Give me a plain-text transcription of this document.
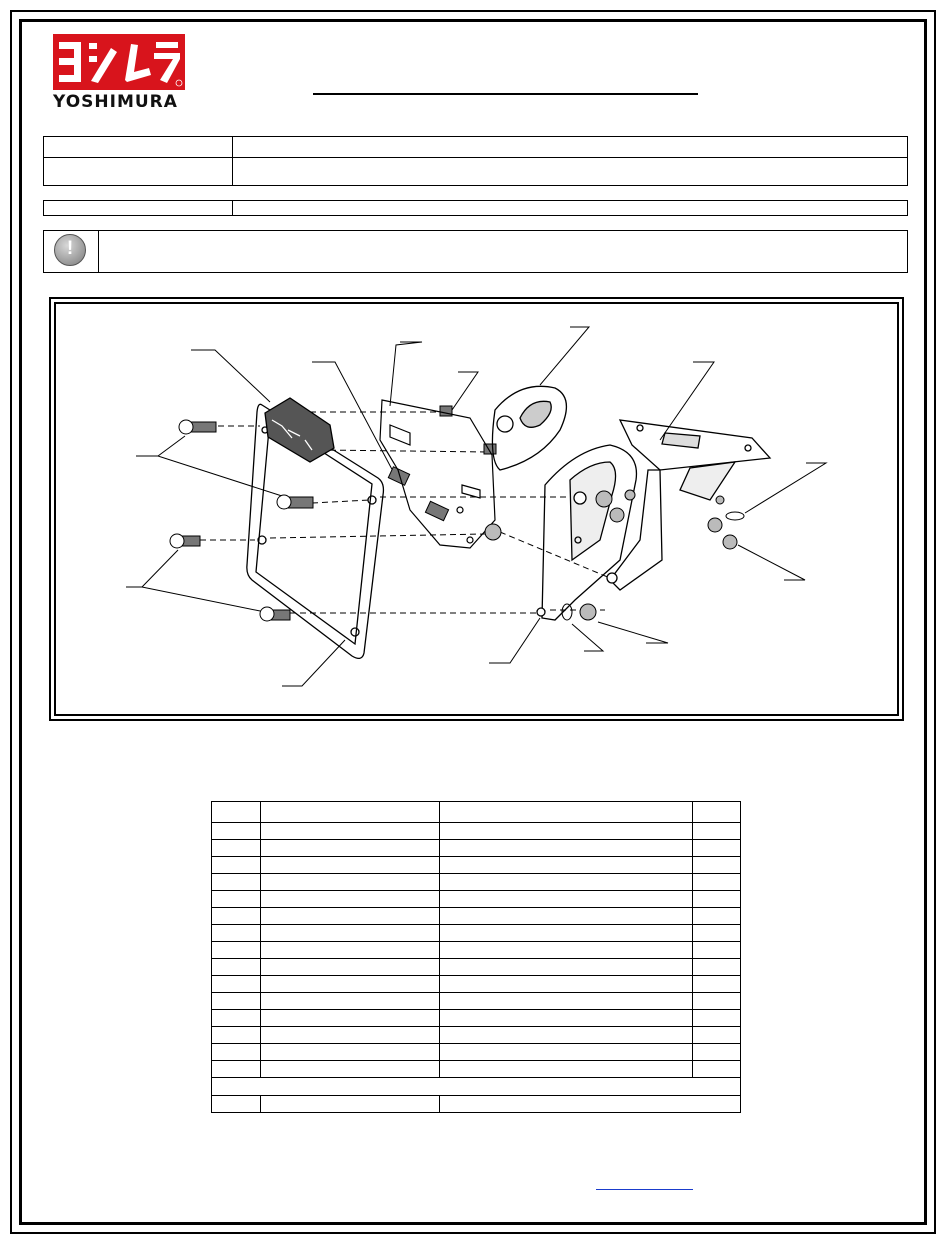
YOSHIMURA
!
